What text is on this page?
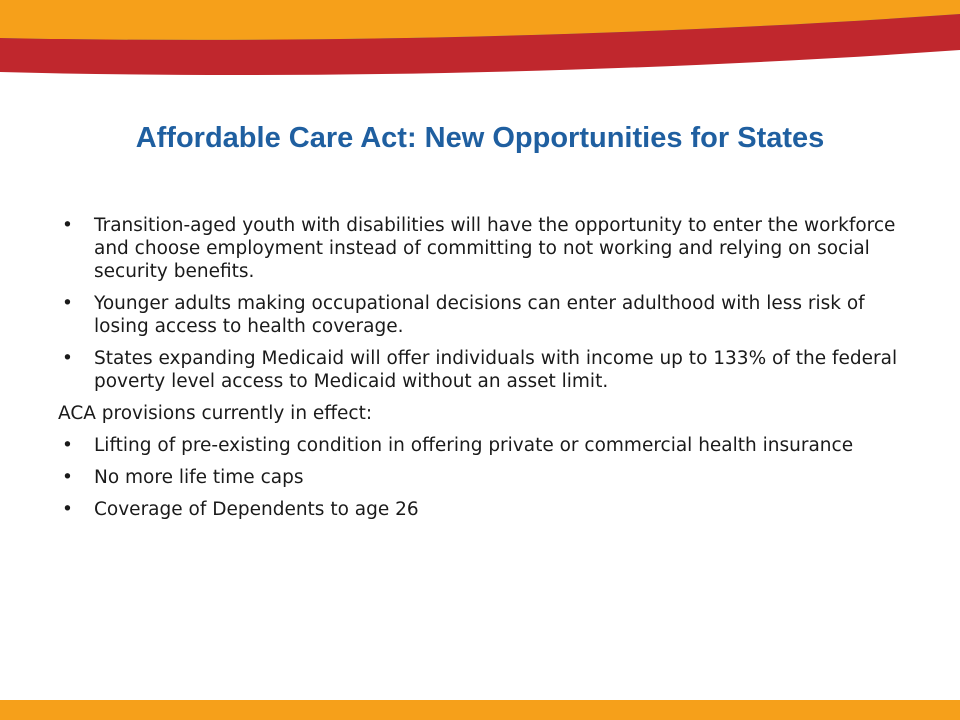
Affordable Care Act: New Opportunities for States
• Transition-aged youth with disabilities will have the opportunity to enter the workforce and choose employment instead of committing to not working and relying on social security benefits.
• Younger adults making occupational decisions can enter adulthood with less risk of losing access to health coverage.
• States expanding Medicaid will offer individuals with income up to 133% of the federal poverty level access to Medicaid without an asset limit.
ACA provisions currently in effect:
• Lifting of pre-existing condition in offering private or commercial health insurance
• No more life time caps
• Coverage of Dependents to age 26
